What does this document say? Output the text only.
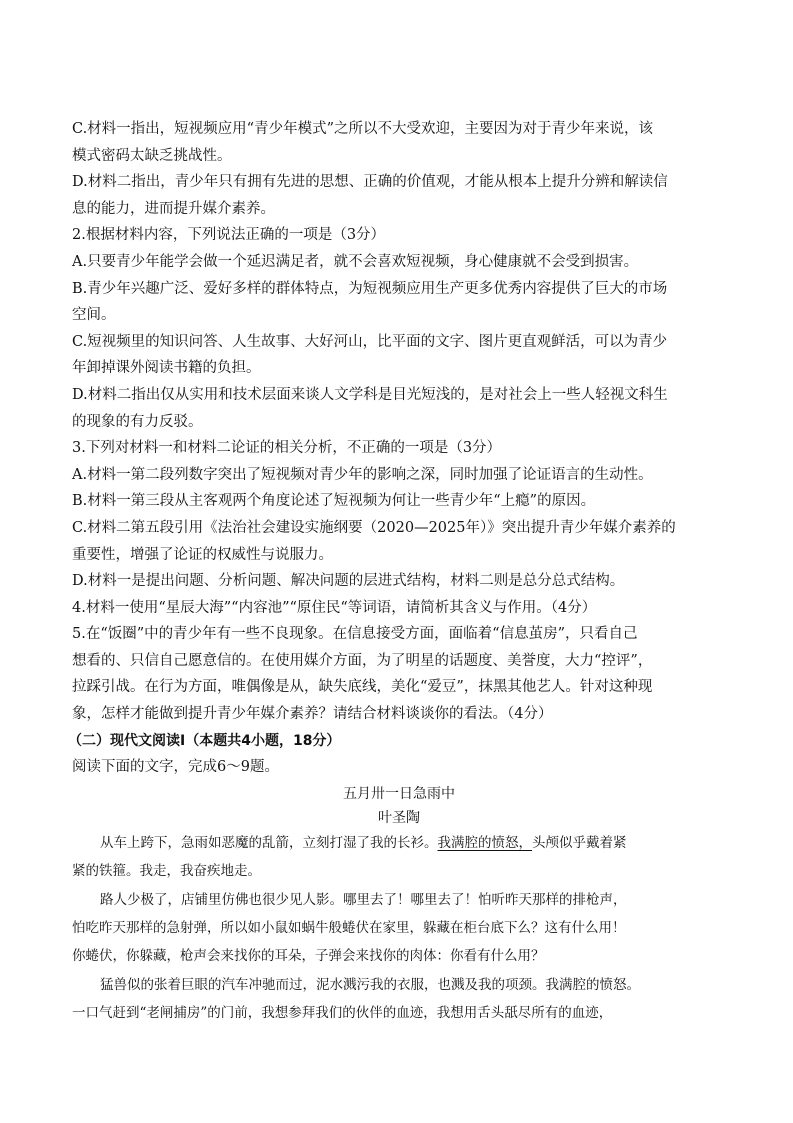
C.材料一指出，短视频应用“青少年模式”之所以不大受欢迎，主要因为对于青少年来说，该
模式密码太缺乏挑战性。
D.材料二指出，青少年只有拥有先进的思想、正确的价值观，才能从根本上提升分辨和解读信
息的能力，进而提升媒介素养。
2.根据材料内容，下列说法正确的一项是（3分）
A.只要青少年能学会做一个延迟满足者，就不会喜欢短视频，身心健康就不会受到损害。
B.青少年兴趣广泛、爱好多样的群体特点，为短视频应用生产更多优秀内容提供了巨大的市场
空间。
C.短视频里的知识问答、人生故事、大好河山，比平面的文字、图片更直观鲜活，可以为青少
年卸掉课外阅读书籍的负担。
D.材料二指出仅从实用和技术层面来谈人文学科是目光短浅的，是对社会上一些人轻视文科生
的现象的有力反驳。
3.下列对材料一和材料二论证的相关分析，不正确的一项是（3分）
A.材料一第二段列数字突出了短视频对青少年的影响之深，同时加强了论证语言的生动性。
B.材料一第三段从主客观两个角度论述了短视频为何让一些青少年“上瘾”的原因。
C.材料二第五段引用《法治社会建设实施纲要（2020—2025年）》突出提升青少年媒介素养的
重要性，增强了论证的权威性与说服力。
D.材料一是提出问题、分析问题、解决问题的层进式结构，材料二则是总分总式结构。
4.材料一使用“星辰大海”“内容池”“原住民“等词语，请简析其含义与作用。（4分）
5.在“饭圈”中的青少年有一些不良现象。在信息接受方面，面临着“信息茧房”，只看自己
想看的、只信自己愿意信的。在使用媒介方面，为了明星的话题度、美誉度，大力“控评”，
拉踩引战。在行为方面，唯偶像是从，缺失底线，美化“爱豆”，抹黑其他艺人。针对这种现
象，怎样才能做到提升青少年媒介素养？请结合材料谈谈你的看法。（4分）
（二）现代文阅读Ⅰ（本题共4小题，18分）
阅读下面的文字，完成6～9题。
五月卅一日急雨中
叶圣陶
从车上跨下，急雨如恶魔的乱箭，立刻打湿了我的长衫。我满腔的愤怒，头颅似乎戴着紧
紧的铁箍。我走，我奋疾地走。
路人少极了，店铺里仿佛也很少见人影。哪里去了！哪里去了！怕听昨天那样的排枪声，
怕吃昨天那样的急射弹，所以如小鼠如蜗牛般蜷伏在家里，躲藏在柜台底下么？这有什么用！
你蜷伏，你躲藏，枪声会来找你的耳朵，子弹会来找你的肉体：你看有什么用？
猛兽似的张着巨眼的汽车冲驰而过，泥水溅污我的衣服，也溅及我的项颈。我满腔的愤怒。
一口气赶到“老闸捕房”的门前，我想参拜我们的伙伴的血迹，我想用舌头舐尽所有的血迹，
